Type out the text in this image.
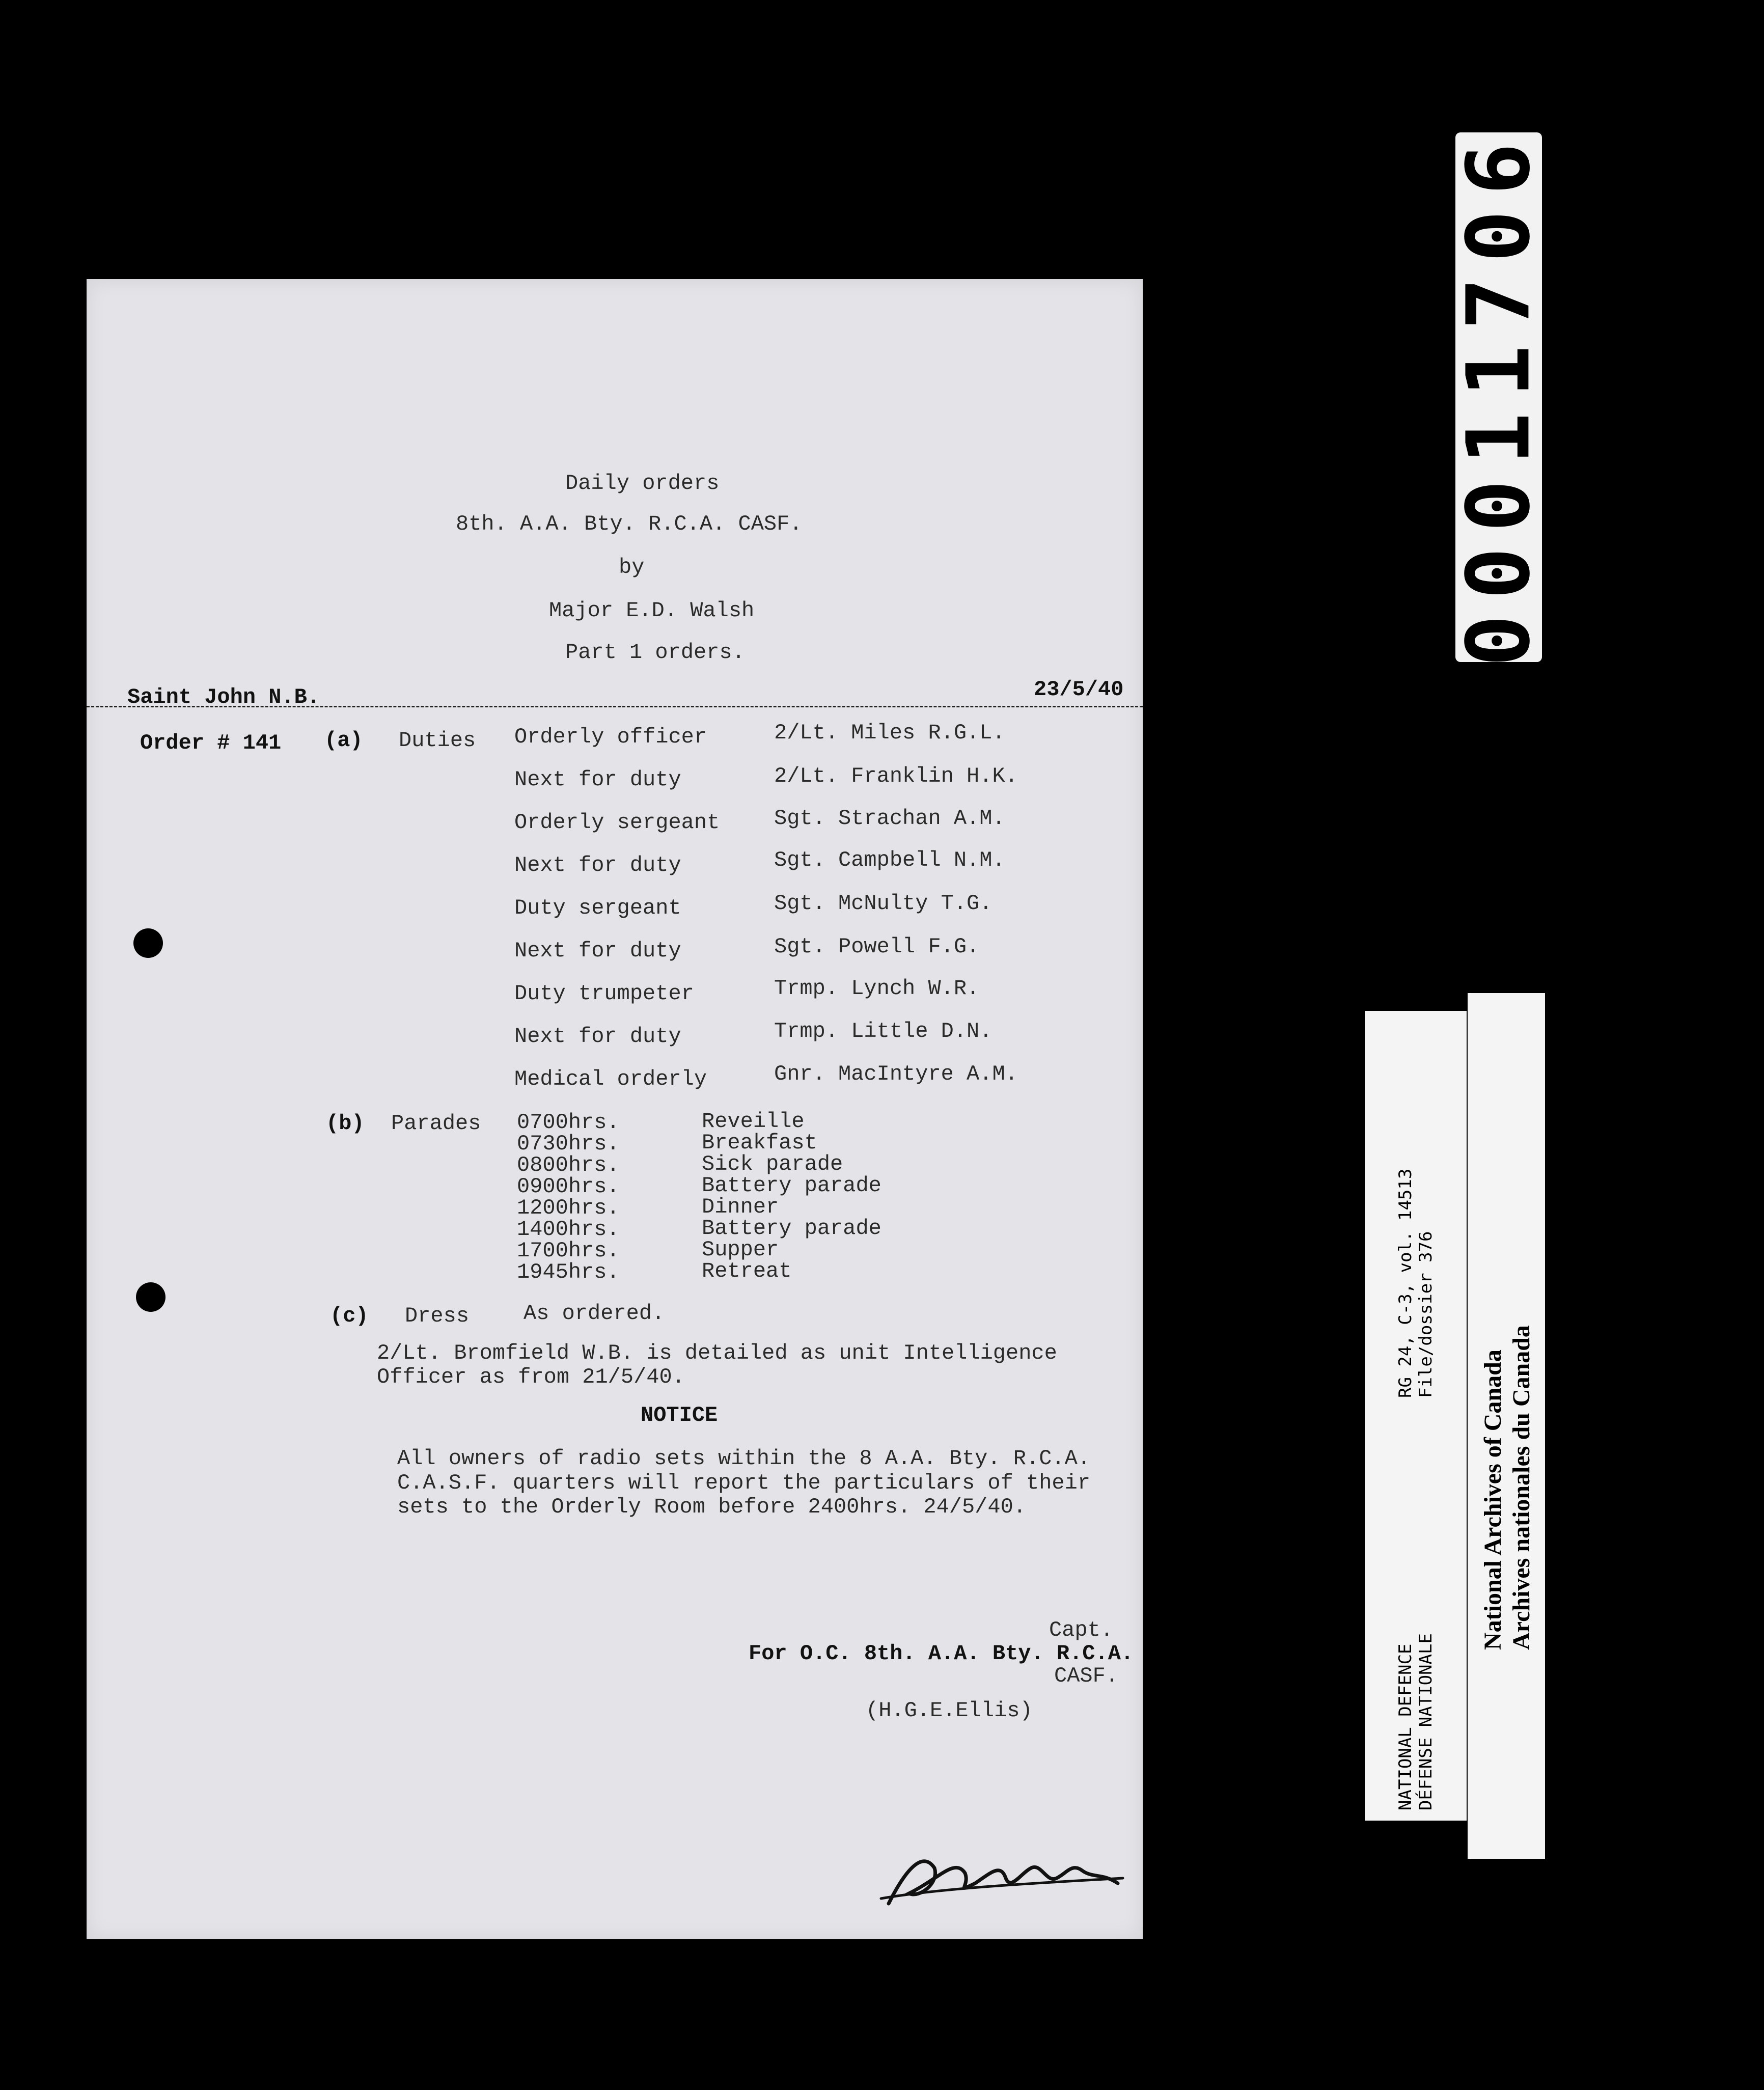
Daily orders
8th. A.A. Bty. R.C.A. CASF.
by
Major E.D. Walsh
Part 1 orders.
Saint John N.B.	23/5/40
Order # 141 (a) Duties Orderly officer	2/Lt. Miles R.G.L.
Next for duty	2/Lt. Franklin H.K.
Orderly sergeant	Sgt. Strachan A.M.
Next for duty	Sgt. Campbell N.M.
Duty sergeant	Sgt. McNulty T.G.
Next for duty	Sgt. Powell F.G.
Duty trumpeter	Trmp. Lynch W.R.
Next for duty	Trmp. Little D.N.
Medical orderly	Gnr. MacIntyre A.M.
(b) Parades 0700hrs.	Reveille
0730hrs.	Breakfast
0800hrs.	Sick parade
0900hrs.	Battery parade
1200hrs.	Dinner
1400hrs.	Battery parade
1700hrs.	Supper
1945hrs.	Retreat
(c) Dress	As ordered.
2/Lt. Bromfield W.B. is detailed as unit Intelligence
Officer as from 21/5/40.
NOTICE
All owners of radio sets within the 8 A.A. Bty. R.C.A.
C.A.S.F. quarters will report the particulars of their
sets to the Orderly Room before 2400hrs. 24/5/40.
Capt.
For O.C. 8th. A.A. Bty. R.C.A.
CASF.
(H.G.E.Ellis)
00011706
NATIONAL DEFENCE DÉFENSE NATIONALE
RG 24, C-3, vol. 14513 File/dossier 376
National Archives of Canada Archives nationales du Canada
